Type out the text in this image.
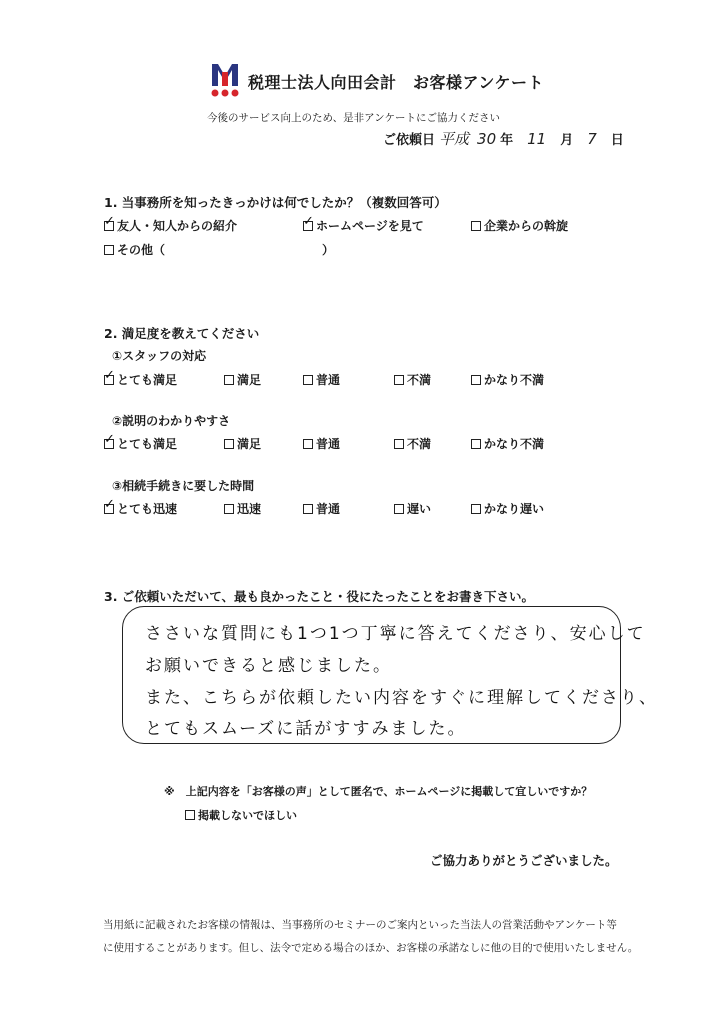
税理士法人向田会計　お客様アンケート
今後のサービス向上のため、是非アンケートにご協力ください
ご依頼日 平成 30 年 11 月 7 日
1. 当事務所を知ったきっかけは何でしたか？（複数回答可）
✓ 友人・知人からの紹介	✓ ホームページを見て	企業からの斡旋
その他（	）
2. 満足度を教えてください
①スタッフの対応
✓ とても満足	満足	普通	不満	かなり不満
②説明のわかりやすさ
✓ とても満足	満足	普通	不満	かなり不満
③相続手続きに要した時間
✓ とても迅速	迅速	普通	遅い	かなり遅い
3. ご依頼いただいて、最も良かったこと・役にたったことをお書き下さい。
ささいな質問にも1つ1つ丁寧に答えてくださり、安心して
お願いできると感じました。
また、こちらが依頼したい内容をすぐに理解してくださり、
とてもスムーズに話がすすみました。
※　上記内容を「お客様の声」として匿名で、ホームページに掲載して宜しいですか？
掲載しないでほしい
ご協力ありがとうございました。
当用紙に記載されたお客様の情報は、当事務所のセミナーのご案内といった当法人の営業活動やアンケート等
に使用することがあります。但し、法令で定める場合のほか、お客様の承諾なしに他の目的で使用いたしません。
